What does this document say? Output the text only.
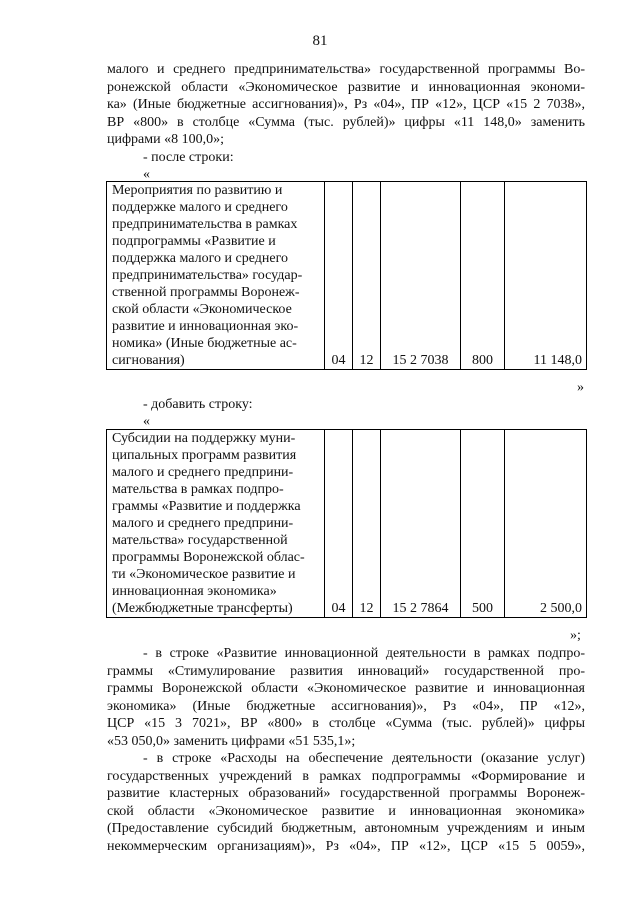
81
малого и среднего предпринимательства» государственной программы Во-
ронежской области «Экономическое развитие и инновационная экономи-
ка» (Иные бюджетные ассигнования)», Рз «04», ПР «12», ЦСР «15 2 7038»,
ВР «800» в столбце «Сумма (тыс. рублей)» цифры «11 148,0» заменить
цифрами «8 100,0»;
- после строки:
«
Мероприятия по развитию и
поддержке малого и среднего
предпринимательства в рамках
подпрограммы «Развитие и
поддержка малого и среднего
предпринимательства» государ-
ственной программы Воронеж-
ской области «Экономическое
развитие и инновационная эко-
номика» (Иные бюджетные ас-
сигнования)	04	12	15 2 7038	800	11 148,0
»
- добавить строку:
«
Субсидии на поддержку муни-
ципальных программ развития
малого и среднего предприни-
мательства в рамках подпро-
граммы «Развитие и поддержка
малого и среднего предприни-
мательства» государственной
программы Воронежской облас-
ти «Экономическое развитие и
инновационная экономика»
(Межбюджетные трансферты)	04	12	15 2 7864	500	2 500,0
»;
- в строке «Развитие инновационной деятельности в рамках подпро-
граммы «Стимулирование развития инноваций» государственной про-
граммы Воронежской области «Экономическое развитие и инновационная
экономика» (Иные бюджетные ассигнования)», Рз «04», ПР «12»,
ЦСР «15 3 7021», ВР «800» в столбце «Сумма (тыс. рублей)» цифры
«53 050,0» заменить цифрами «51 535,1»;
- в строке «Расходы на обеспечение деятельности (оказание услуг)
государственных учреждений в рамках подпрограммы «Формирование и
развитие кластерных образований» государственной программы Воронеж-
ской области «Экономическое развитие и инновационная экономика»
(Предоставление субсидий бюджетным, автономным учреждениям и иным
некоммерческим организациям)», Рз «04», ПР «12», ЦСР «15 5 0059»,
